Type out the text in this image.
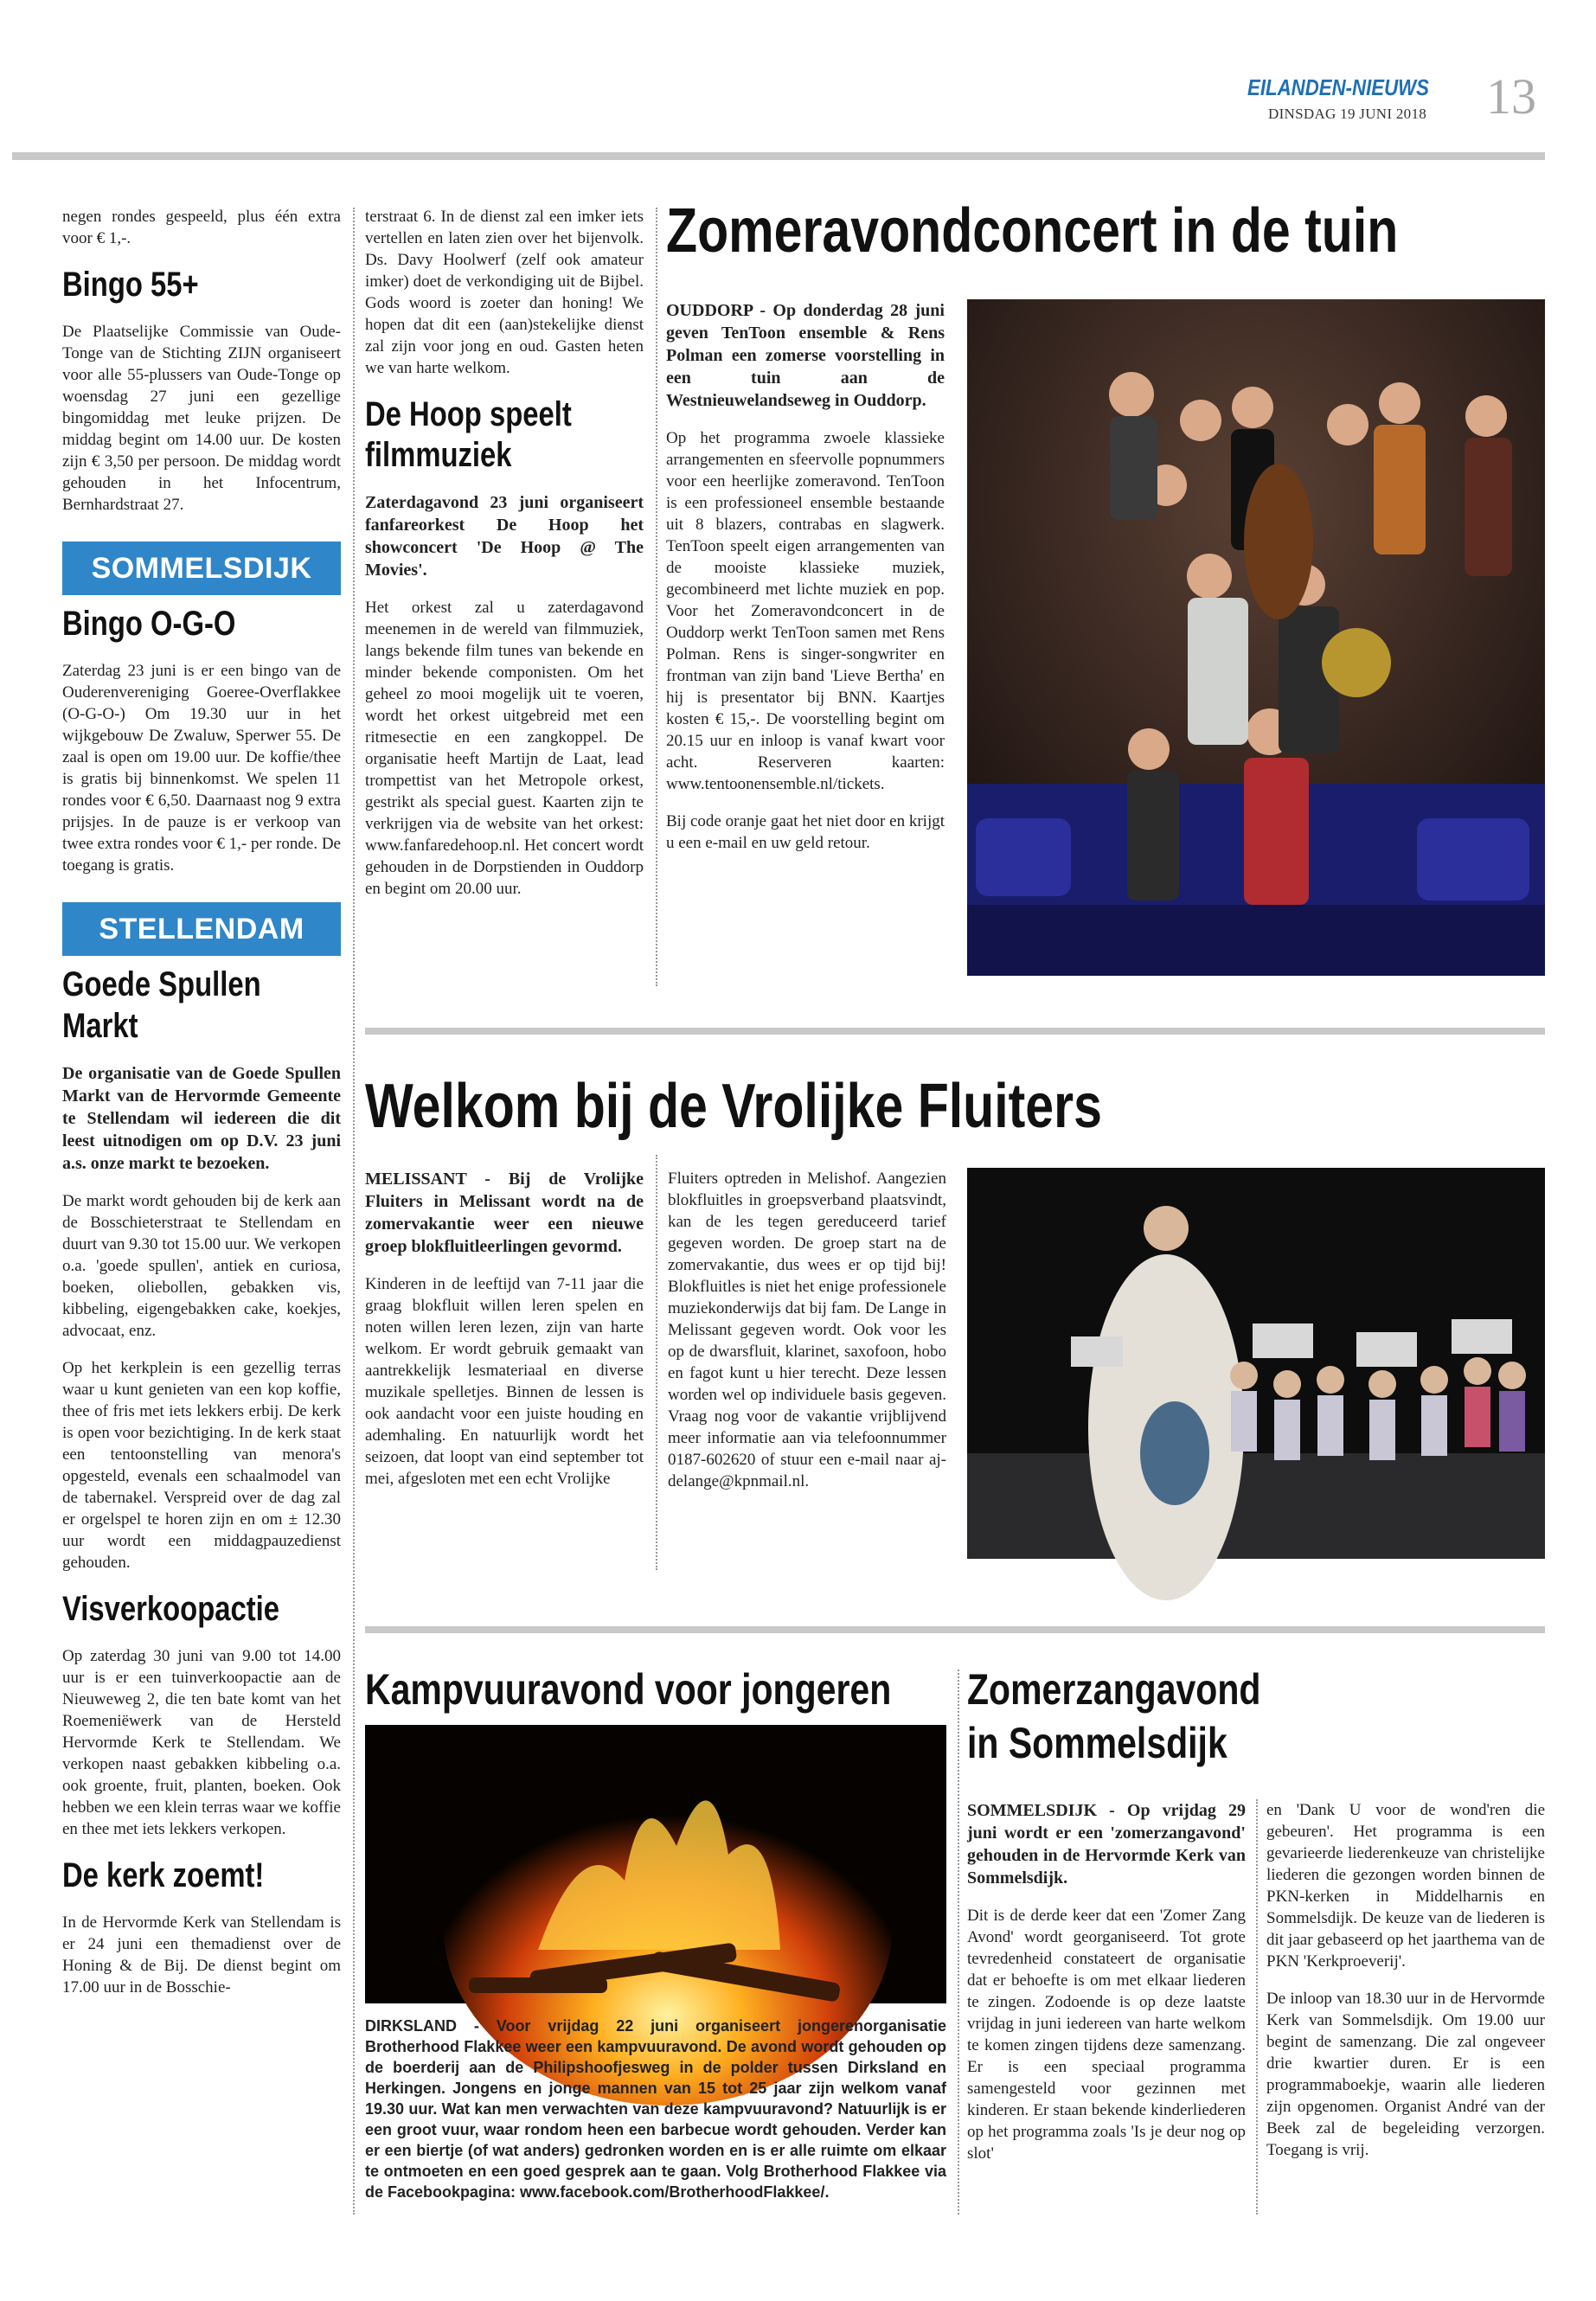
EILANDEN-NIEUWS
DINSDAG 19 JUNI 2018 13

negen rondes gespeeld, plus één extra voor € 1,-.

Bingo 55+

De Plaatselijke Commissie van Oude-Tonge van de Stichting ZIJN organiseert voor alle 55-plussers van Oude-Tonge op woensdag 27 juni een gezellige bingomiddag met leuke prijzen. De middag begint om 14.00 uur. De kosten zijn € 3,50 per persoon. De middag wordt gehouden in het Infocentrum, Bernhardstraat 27.

SOMMELSDIJK
Bingo O-G-O

Zaterdag 23 juni is er een bingo van de Ouderenvereniging Goeree-Overflakkee (O-G-O-) Om 19.30 uur in het wijkgebouw De Zwaluw, Sperwer 55. De zaal is open om 19.00 uur. De koffie/thee is gratis bij binnenkomst. We spelen 11 rondes voor € 6,50. Daarnaast nog 9 extra prijsjes. In de pauze is er verkoop van twee extra rondes voor € 1,- per ronde. De toegang is gratis.

STELLENDAM
Goede Spullen
Markt

De organisatie van de Goede Spullen Markt van de Hervormde Gemeente te Stellendam wil iedereen die dit leest uitnodigen om op D.V. 23 juni a.s. onze markt te bezoeken.

De markt wordt gehouden bij de kerk aan de Bosschieterstraat te Stellendam en duurt van 9.30 tot 15.00 uur. We verkopen o.a. 'goede spullen', antiek en curiosa, boeken, oliebollen, gebakken vis, kibbeling, eigengebakken cake, koekjes, advocaat, enz.

Op het kerkplein is een gezellig terras waar u kunt genieten van een kop koffie, thee of fris met iets lekkers erbij. De kerk is open voor bezichtiging. In de kerk staat een tentoonstelling van menora's opgesteld, evenals een schaalmodel van de tabernakel. Verspreid over de dag zal er orgelspel te horen zijn en om ± 12.30 uur wordt een middagpauzedienst gehouden.

Visverkoopactie

Op zaterdag 30 juni van 9.00 tot 14.00 uur is er een tuinverkoopactie aan de Nieuweweg 2, die ten bate komt van het Roemeniëwerk van de Hersteld Hervormde Kerk te Stellendam. We verkopen naast gebakken kibbeling o.a. ook groente, fruit, planten, boeken. Ook hebben we een klein terras waar we koffie en thee met iets lekkers verkopen.

De kerk zoemt!

In de Hervormde Kerk van Stellendam is er 24 juni een themadienst over de Honing & de Bij. De dienst begint om 17.00 uur in de Bosschie-

terstraat 6. In de dienst zal een imker iets vertellen en laten zien over het bijenvolk. Ds. Davy Hoolwerf (zelf ook amateur imker) doet de verkondiging uit de Bijbel. Gods woord is zoeter dan honing! We hopen dat dit een (aan)stekelijke dienst zal zijn voor jong en oud. Gasten heten we van harte welkom.

De Hoop speelt
filmmuziek

Zaterdagavond 23 juni organiseert fanfareorkest De Hoop het showconcert 'De Hoop @ The Movies'.

Het orkest zal u zaterdagavond meenemen in de wereld van filmmuziek, langs bekende film tunes van bekende en minder bekende componisten. Om het geheel zo mooi mogelijk uit te voeren, wordt het orkest uitgebreid met een ritmesectie en een zangkoppel. De organisatie heeft Martijn de Laat, lead trompettist van het Metropole orkest, gestrikt als special guest. Kaarten zijn te verkrijgen via de website van het orkest: www.fanfaredehoop.nl. Het concert wordt gehouden in de Dorpstienden in Ouddorp en begint om 20.00 uur.

Zomeravondconcert in de tuin

OUDDORP - Op donderdag 28 juni geven TenToon ensemble & Rens Polman een zomerse voorstelling in een tuin aan de Westnieuwelandseweg in Ouddorp.

Op het programma zwoele klassieke arrangementen en sfeervolle popnummers voor een heerlijke zomeravond. TenToon is een professioneel ensemble bestaande uit 8 blazers, contrabas en slagwerk. TenToon speelt eigen arrangementen van de mooiste klassieke muziek, gecombineerd met lichte muziek en pop. Voor het Zomeravondconcert in de Ouddorp werkt TenToon samen met Rens Polman. Rens is singer-songwriter en frontman van zijn band 'Lieve Bertha' en hij is presentator bij BNN. Kaartjes kosten € 15,-. De voorstelling begint om 20.15 uur en inloop is vanaf kwart voor acht. Reserveren kaarten: www.tentoonensemble.nl/tickets.

Bij code oranje gaat het niet door en krijgt u een e-mail en uw geld retour.

Welkom bij de Vrolijke Fluiters

MELISSANT - Bij de Vrolijke Fluiters in Melissant wordt na de zomervakantie weer een nieuwe groep blokfluitleerlingen gevormd.

Kinderen in de leeftijd van 7-11 jaar die graag blokfluit willen leren spelen en noten willen leren lezen, zijn van harte welkom. Er wordt gebruik gemaakt van aantrekkelijk lesmateriaal en diverse muzikale spelletjes. Binnen de lessen is ook aandacht voor een juiste houding en ademhaling. En natuurlijk wordt het seizoen, dat loopt van eind september tot mei, afgesloten met een echt Vrolijke

Fluiters optreden in Melishof. Aangezien blokfluitles in groepsverband plaatsvindt, kan de les tegen gereduceerd tarief gegeven worden. De groep start na de zomervakantie, dus wees er op tijd bij! Blokfluitles is niet het enige professionele muziekonderwijs dat bij fam. De Lange in Melissant gegeven wordt. Ook voor les op de dwarsfluit, klarinet, saxofoon, hobo en fagot kunt u hier terecht. Deze lessen worden wel op individuele basis gegeven. Vraag nog voor de vakantie vrijblijvend meer informatie aan via telefoonnummer 0187-602620 of stuur een e-mail naar aj-delange@kpnmail.nl.

Kampvuuravond voor jongeren
DIRKSLAND - Voor vrijdag 22 juni organiseert jongerenorganisatie Brotherhood Flakkee weer een kampvuuravond. De avond wordt gehouden op de boerderij aan de Philipshoofjesweg in de polder tussen Dirksland en Herkingen. Jongens en jonge mannen van 15 tot 25 jaar zijn welkom vanaf 19.30 uur. Wat kan men verwachten van deze kampvuuravond? Natuurlijk is er een groot vuur, waar rondom heen een barbecue wordt gehouden. Verder kan er een biertje (of wat anders) gedronken worden en is er alle ruimte om elkaar te ontmoeten en een goed gesprek aan te gaan. Volg Brotherhood Flakkee via de Facebookpagina: www.facebook.com/BrotherhoodFlakkee/.
Zomerzangavond
in Sommelsdijk

SOMMELSDIJK - Op vrijdag 29 juni wordt er een 'zomerzangavond' gehouden in de Hervormde Kerk van Sommelsdijk.

Dit is de derde keer dat een 'Zomer Zang Avond' wordt georganiseerd. Tot grote tevredenheid constateert de organisatie dat er behoefte is om met elkaar liederen te zingen. Zodoende is op deze laatste vrijdag in juni iedereen van harte welkom te komen zingen tijdens deze samenzang. Er is een speciaal programma samengesteld voor gezinnen met kinderen. Er staan bekende kinderliederen op het programma zoals 'Is je deur nog op slot'

en 'Dank U voor de wond'ren die gebeuren'. Het programma is een gevarieerde liederenkeuze van christelijke liederen die gezongen worden binnen de PKN-kerken in Middelharnis en Sommelsdijk. De keuze van de liederen is dit jaar gebaseerd op het jaarthema van de PKN 'Kerkproeverij'.

De inloop van 18.30 uur in de Hervormde Kerk van Sommelsdijk. Om 19.00 uur begint de samenzang. Die zal ongeveer drie kwartier duren. Er is een programmaboekje, waarin alle liederen zijn opgenomen. Organist André van der Beek zal de begeleiding verzorgen. Toegang is vrij.
